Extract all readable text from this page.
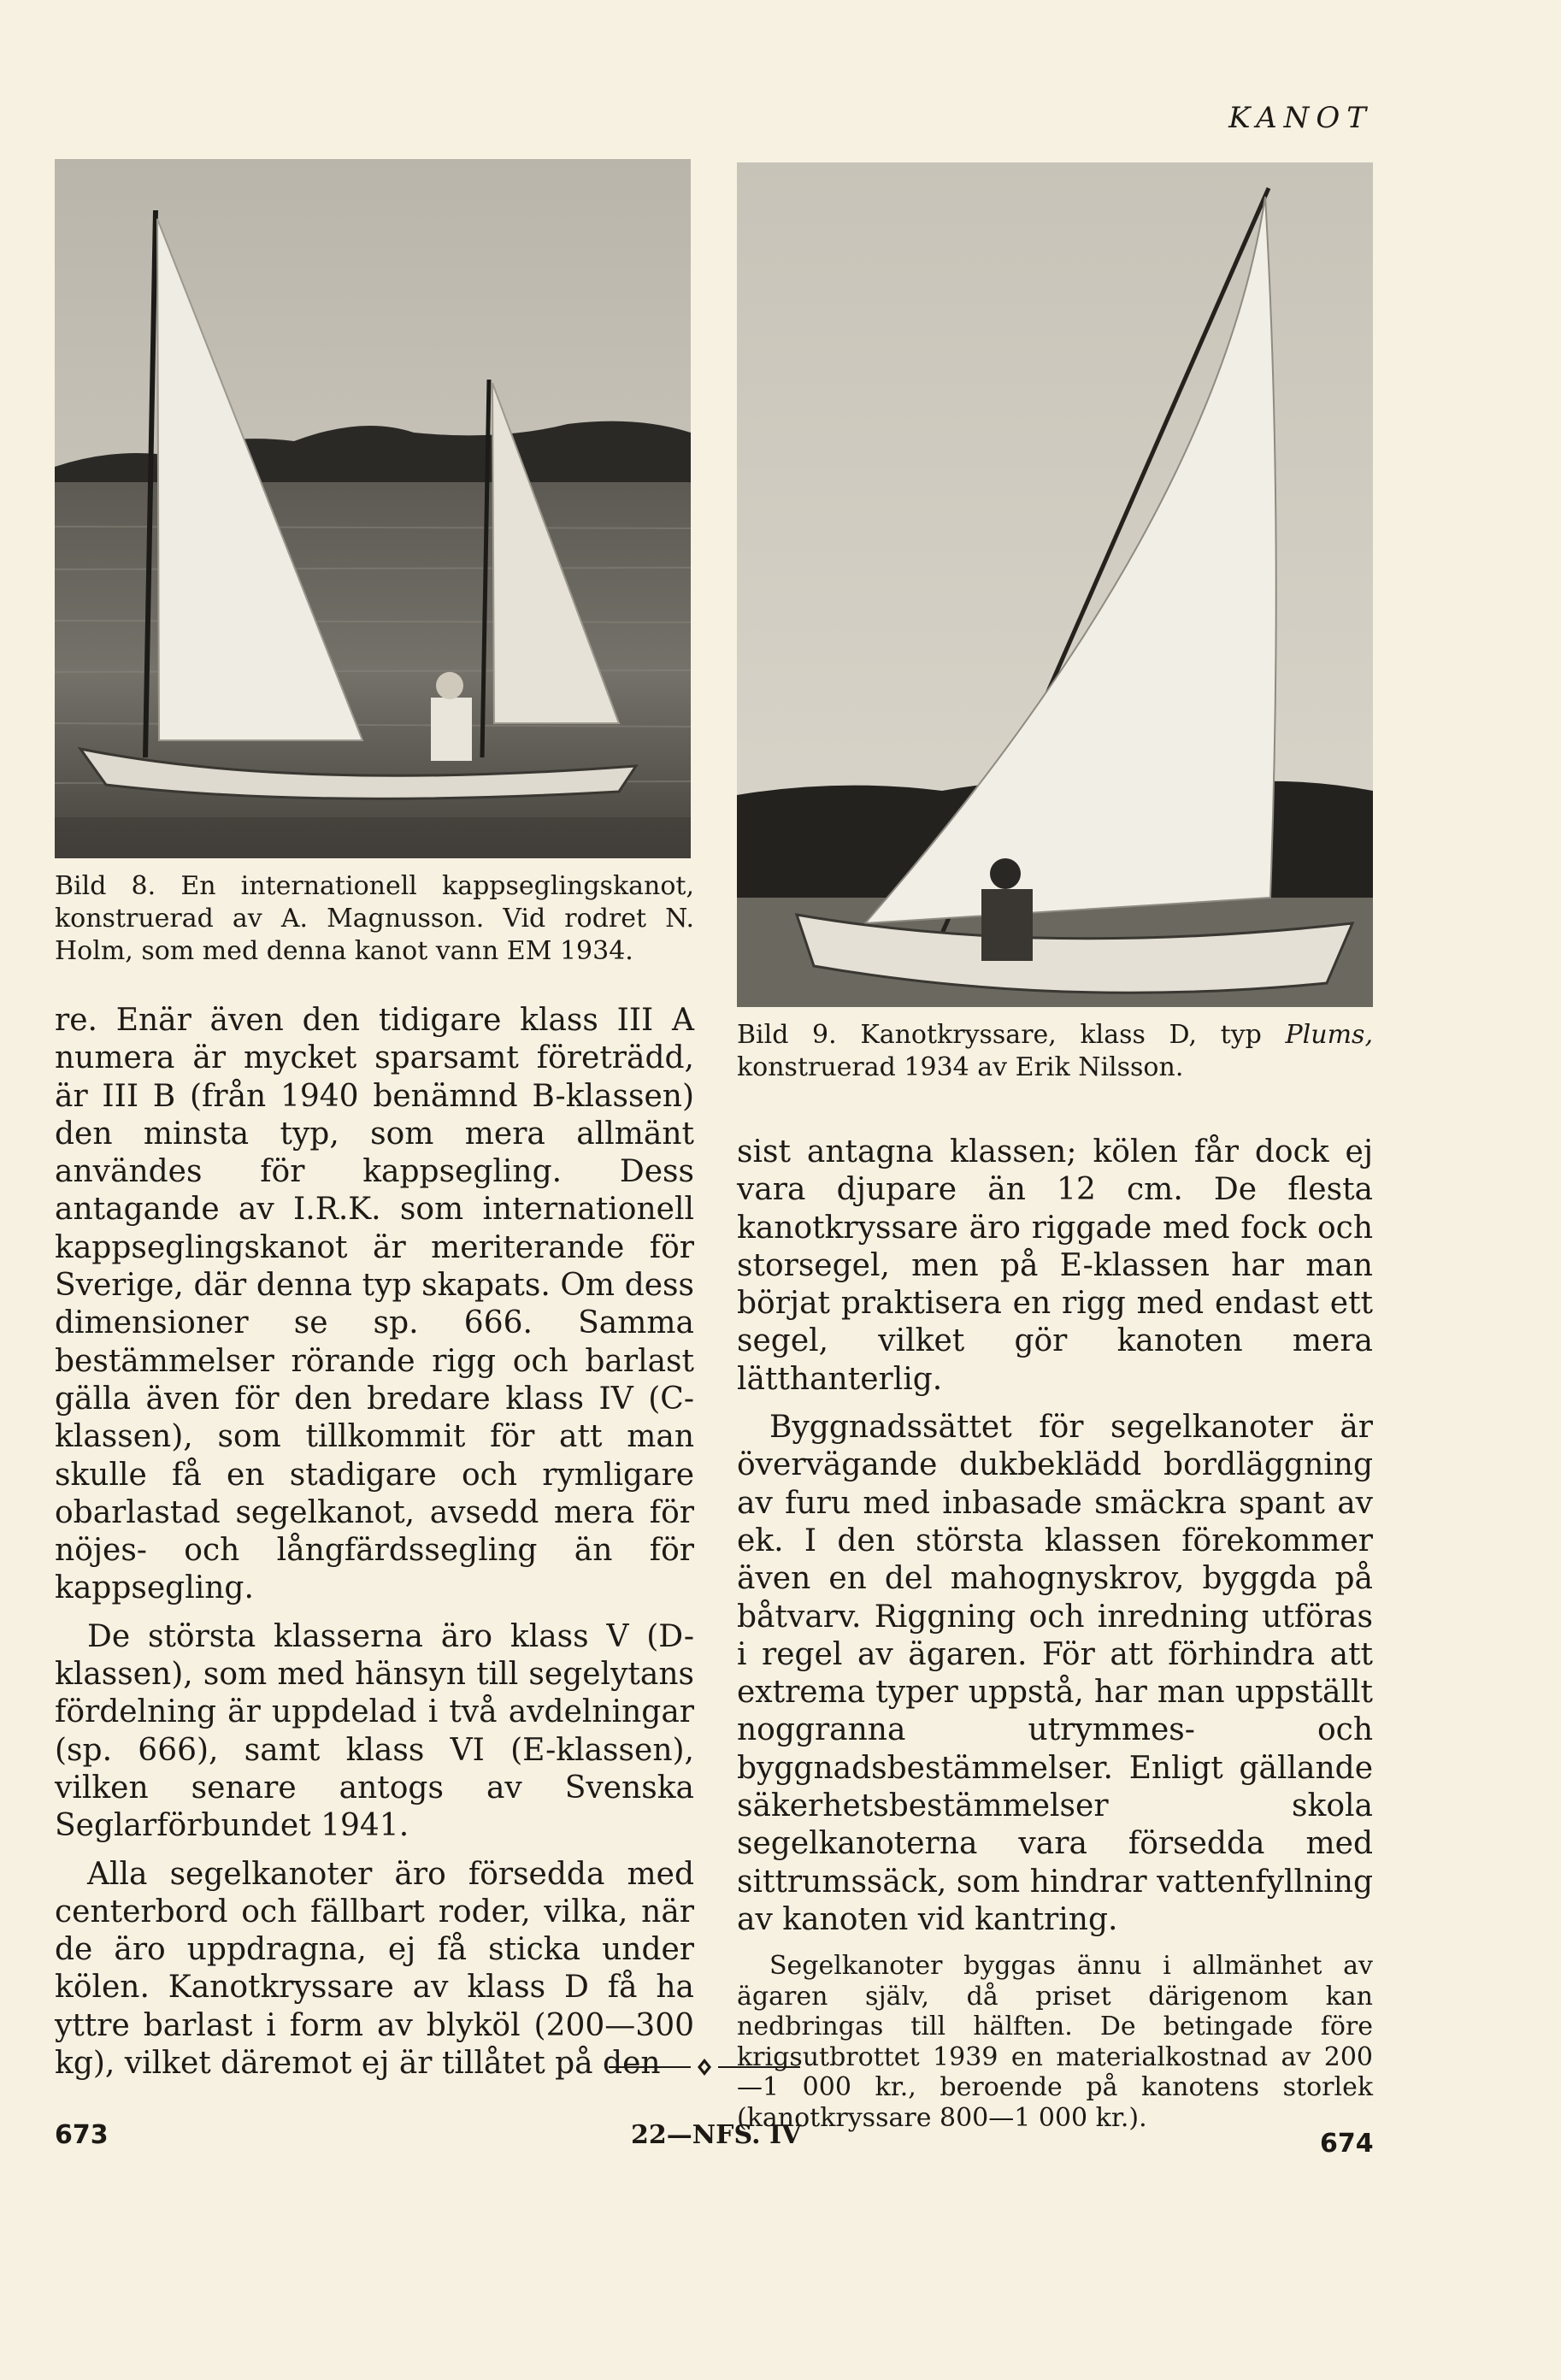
KANOT
Bild 8. En internationell kappseglingskanot, konstruerad av A. Magnusson. Vid rodret N. Holm, som med denna kanot vann EM 1934.
Bild 9. Kanotkryssare, klass D, typ Plums, konstruerad 1934 av Erik Nilsson.

re. Enär även den tidigare klass III A numera är mycket sparsamt företrädd, är III B (från 1940 benämnd B-klassen) den minsta typ, som mera allmänt användes för kappsegling. Dess antagande av I.R.K. som internationell kappseglingskanot är meriterande för Sverige, där denna typ skapats. Om dess dimensioner se sp. 666. Samma bestämmelser rörande rigg och barlast gälla även för den bredare klass IV (C-klassen), som tillkommit för att man skulle få en stadigare och rymligare obarlastad segelkanot, avsedd mera för nöjes- och långfärdssegling än för kappsegling.

De största klasserna äro klass V (D-klassen), som med hänsyn till segelytans fördelning är uppdelad i två avdelningar (sp. 666), samt klass VI (E-klassen), vilken senare antogs av Svenska Seglarförbundet 1941.

Alla segelkanoter äro försedda med centerbord och fällbart roder, vilka, när de äro uppdragna, ej få sticka under kölen. Kanotkryssare av klass D få ha yttre barlast i form av blyköl (200—300 kg), vilket däremot ej är tillåtet på den

sist antagna klassen; kölen får dock ej vara djupare än 12 cm. De flesta kanotkryssare äro riggade med fock och storsegel, men på E-klassen har man börjat praktisera en rigg med endast ett segel, vilket gör kanoten mera lätthanterlig.

Byggnadssättet för segelkanoter är övervägande dukbeklädd bordläggning av furu med inbasade smäckra spant av ek. I den största klassen förekommer även en del mahognyskrov, byggda på båtvarv. Riggning och inredning utföras i regel av ägaren. För att förhindra att extrema typer uppstå, har man uppställt noggranna utrymmes- och byggnadsbestämmelser. Enligt gällande säkerhetsbestämmelser skola segelkanoterna vara försedda med sittrumssäck, som hindrar vattenfyllning av kanoten vid kantring.

Segelkanoter byggas ännu i allmänhet av ägaren själv, då priset därigenom kan nedbringas till hälften. De betingade före krigsutbrottet 1939 en materialkostnad av 200—1 000 kr., beroende på kanotens storlek (kanotkryssare 800—1 000 kr.).

673	22—NFS. IV	674
